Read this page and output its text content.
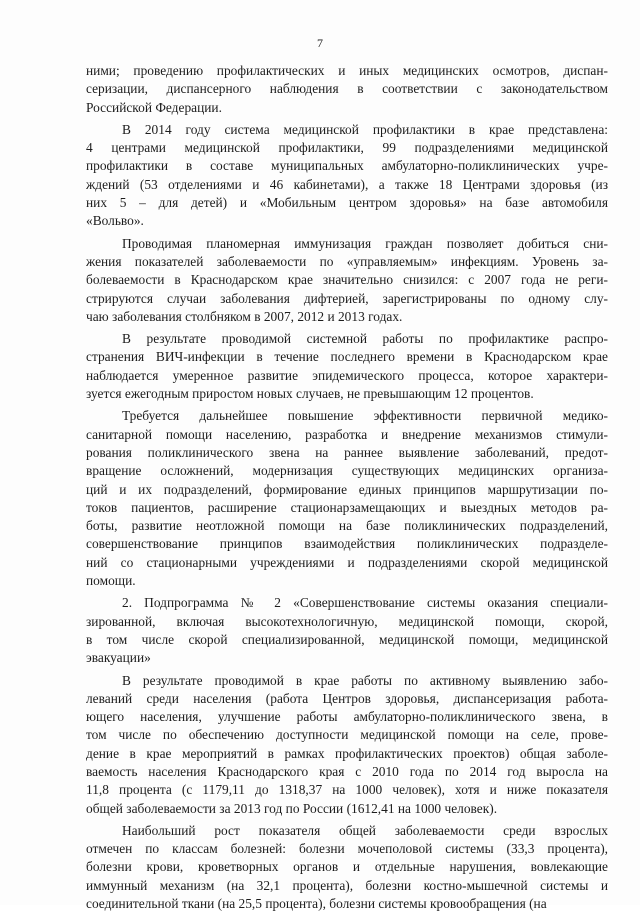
7
ними; проведению профилактических и иных медицинских осмотров, диспан-
серизации, диспансерного наблюдения в соответствии с законодательством
Российской Федерации.
В 2014 году система медицинской профилактики в крае представлена:
4 центрами медицинской профилактики, 99 подразделениями медицинской
профилактики в составе муниципальных амбулаторно-поликлинических учре-
ждений (53 отделениями и 46 кабинетами), а также 18 Центрами здоровья (из
них 5 – для детей) и «Мобильным центром здоровья» на базе автомобиля
«Вольво».
Проводимая планомерная иммунизация граждан позволяет добиться сни-
жения показателей заболеваемости по «управляемым» инфекциям. Уровень за-
болеваемости в Краснодарском крае значительно снизился: с 2007 года не реги-
стрируются случаи заболевания дифтерией, зарегистрированы по одному слу-
чаю заболевания столбняком в 2007, 2012 и 2013 годах.
В результате проводимой системной работы по профилактике распро-
странения ВИЧ-инфекции в течение последнего времени в Краснодарском крае
наблюдается умеренное развитие эпидемического процесса, которое характери-
зуется ежегодным приростом новых случаев, не превышающим 12 процентов.
Требуется дальнейшее повышение эффективности первичной медико-
санитарной помощи населению, разработка и внедрение механизмов стимули-
рования поликлинического звена на раннее выявление заболеваний, предот-
вращение осложнений, модернизация существующих медицинских организа-
ций и их подразделений, формирование единых принципов маршрутизации по-
токов пациентов, расширение стационарзамещающих и выездных методов ра-
боты, развитие неотложной помощи на базе поликлинических подразделений,
совершенствование принципов взаимодействия поликлинических подразделе-
ний со стационарными учреждениями и подразделениями скорой медицинской
помощи.
2. Подпрограмма № 2 «Совершенствование системы оказания специали-
зированной, включая высокотехнологичную, медицинской помощи, скорой,
в том числе скорой специализированной, медицинской помощи, медицинской
эвакуации»
В результате проводимой в крае работы по активному выявлению забо-
леваний среди населения (работа Центров здоровья, диспансеризация работа-
ющего населения, улучшение работы амбулаторно-поликлинического звена, в
том числе по обеспечению доступности медицинской помощи на селе, прове-
дение в крае мероприятий в рамках профилактических проектов) общая заболе-
ваемость населения Краснодарского края с 2010 года по 2014 год выросла на
11,8 процента (с 1179,11 до 1318,37 на 1000 человек), хотя и ниже показателя
общей заболеваемости за 2013 год по России (1612,41 на 1000 человек).
Наибольший рост показателя общей заболеваемости среди взрослых
отмечен по классам болезней: болезни мочеполовой системы (33,3 процента),
болезни крови, кроветворных органов и отдельные нарушения, вовлекающие
иммунный механизм (на 32,1 процента), болезни костно-мышечной системы и
соединительной ткани (на 25,5 процента), болезни системы кровообращения (на
